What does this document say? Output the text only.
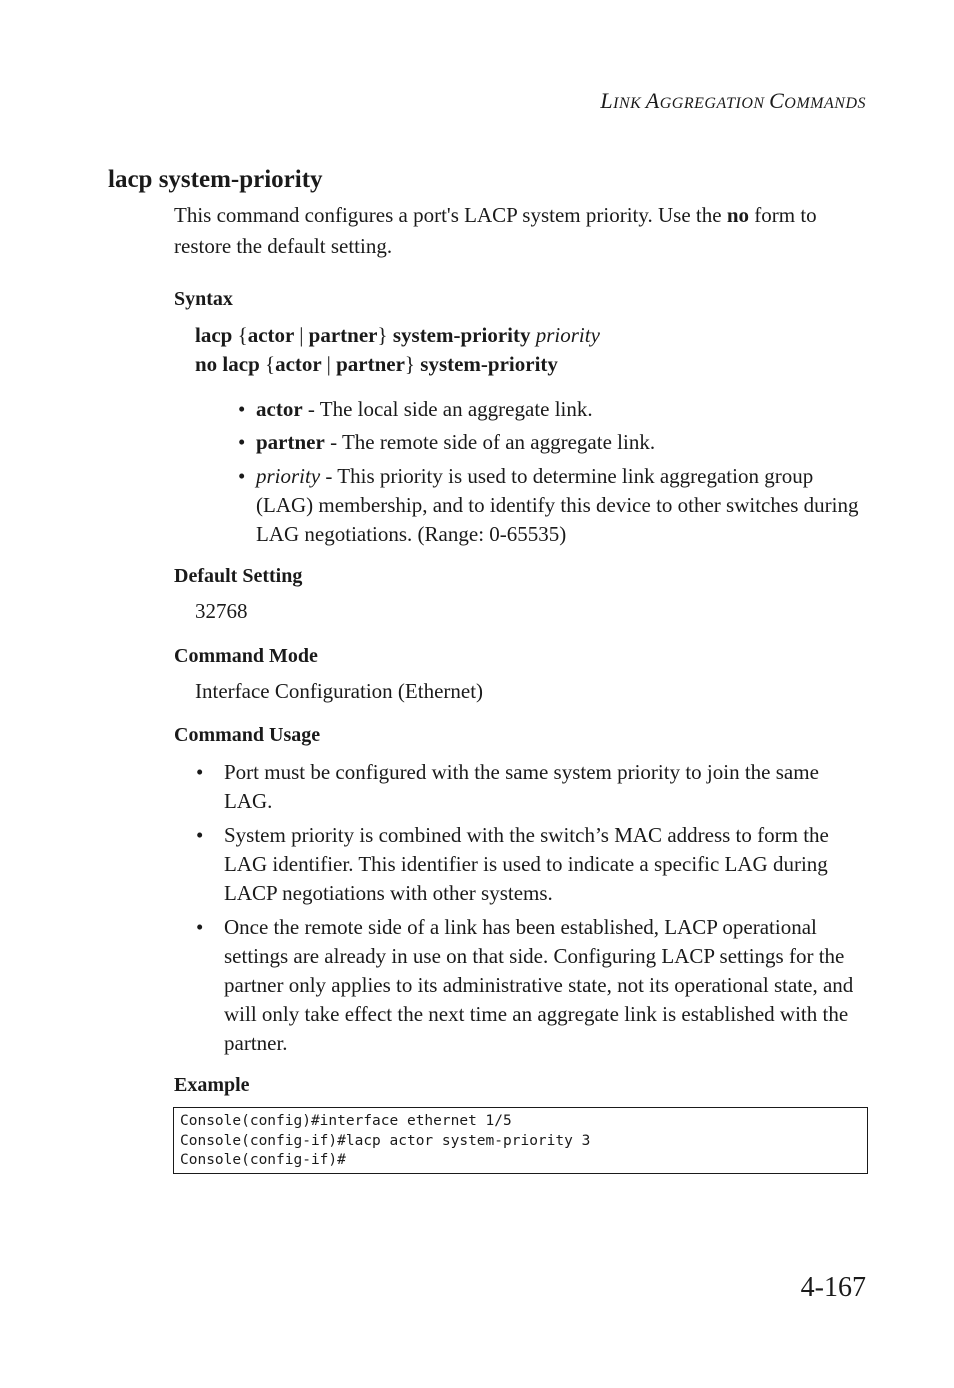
LINK AGGREGATION COMMANDS
lacp system-priority
This command configures a port's LACP system priority. Use the no form to restore the default setting.
Syntax
lacp {actor | partner} system-priority priority
no lacp {actor | partner} system-priority
• actor - The local side an aggregate link.
• partner - The remote side of an aggregate link.
• priority - This priority is used to determine link aggregation group (LAG) membership, and to identify this device to other switches during LAG negotiations. (Range: 0-65535)
Default Setting
32768
Command Mode
Interface Configuration (Ethernet)
Command Usage
• Port must be configured with the same system priority to join the same LAG.
• System priority is combined with the switch’s MAC address to form the LAG identifier. This identifier is used to indicate a specific LAG during LACP negotiations with other systems.
• Once the remote side of a link has been established, LACP operational settings are already in use on that side. Configuring LACP settings for the partner only applies to its administrative state, not its operational state, and will only take effect the next time an aggregate link is established with the partner.
Example
Console(config)#interface ethernet 1/5
Console(config-if)#lacp actor system-priority 3
Console(config-if)#
4-167
